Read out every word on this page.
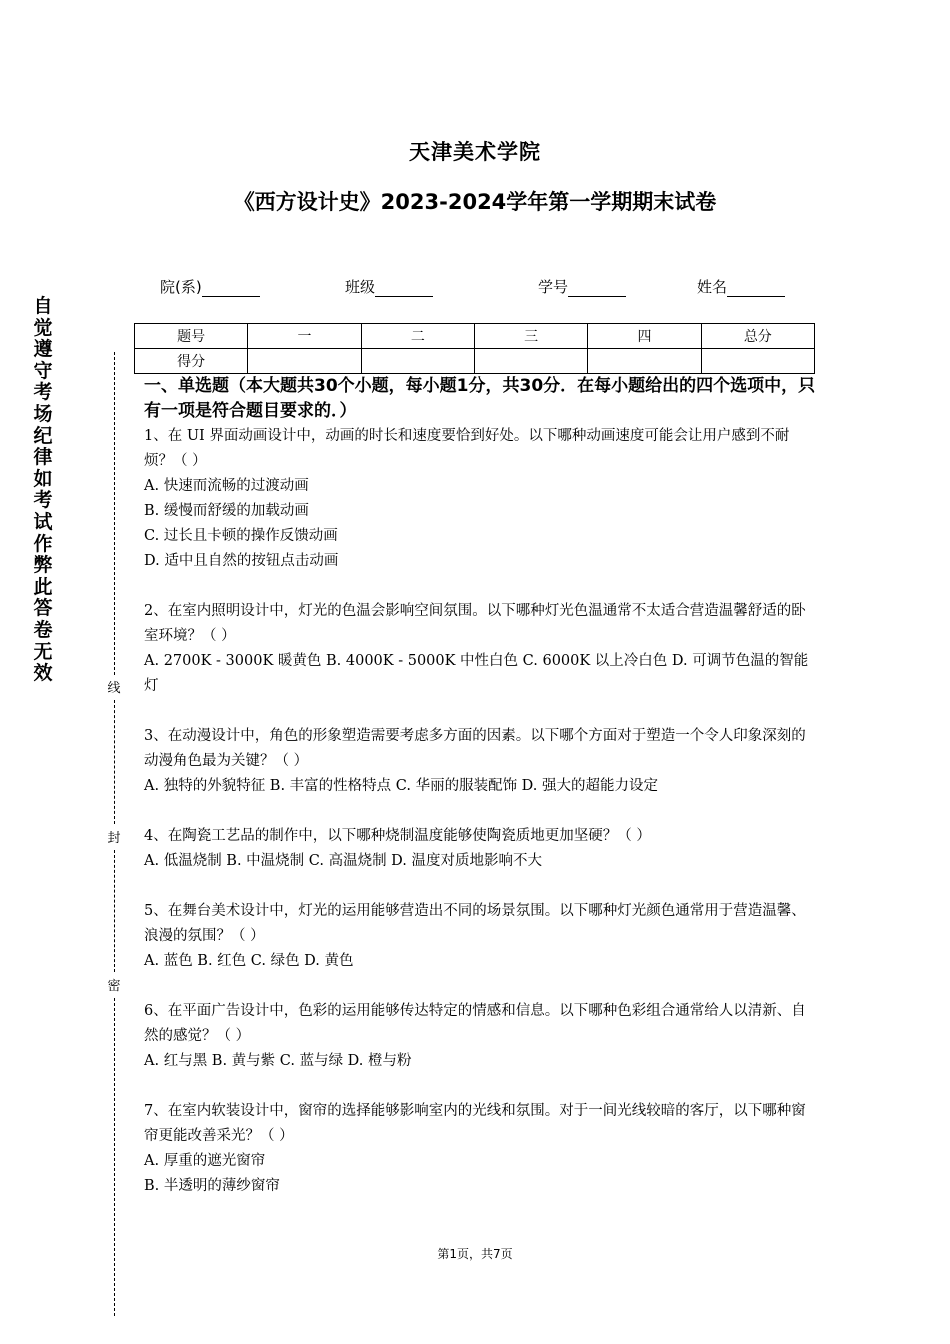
天津美术学院
《西方设计史》2023-2024学年第一学期期末试卷
院(系)	班级	学号	姓名
题号	一	二	三	四	总分
得分					
自觉遵守考场纪律如考试作弊此答卷无效
线
封
密

一、单选题（本大题共30个小题，每小题1分，共30分．在每小题给出的四个选项中，只有一项是符合题目要求的．）

1、在 UI 界面动画设计中，动画的时长和速度要恰到好处。以下哪种动画速度可能会让用户感到不耐烦？（ ）

A. 快速而流畅的过渡动画

B. 缓慢而舒缓的加载动画

C. 过长且卡顿的操作反馈动画

D. 适中且自然的按钮点击动画

2、在室内照明设计中，灯光的色温会影响空间氛围。以下哪种灯光色温通常不太适合营造温馨舒适的卧室环境？（ ）

A. 2700K - 3000K 暖黄色 B. 4000K - 5000K 中性白色 C. 6000K 以上冷白色 D. 可调节色温的智能灯

3、在动漫设计中，角色的形象塑造需要考虑多方面的因素。以下哪个方面对于塑造一个令人印象深刻的动漫角色最为关键？（ ）

A. 独特的外貌特征 B. 丰富的性格特点 C. 华丽的服装配饰 D. 强大的超能力设定

4、在陶瓷工艺品的制作中，以下哪种烧制温度能够使陶瓷质地更加坚硬？（ ）

A. 低温烧制 B. 中温烧制 C. 高温烧制 D. 温度对质地影响不大

5、在舞台美术设计中，灯光的运用能够营造出不同的场景氛围。以下哪种灯光颜色通常用于营造温馨、浪漫的氛围？（ ）

A. 蓝色 B. 红色 C. 绿色 D. 黄色

6、在平面广告设计中，色彩的运用能够传达特定的情感和信息。以下哪种色彩组合通常给人以清新、自然的感觉？（ ）

A. 红与黑 B. 黄与紫 C. 蓝与绿 D. 橙与粉

7、在室内软装设计中，窗帘的选择能够影响室内的光线和氛围。对于一间光线较暗的客厅，以下哪种窗帘更能改善采光？（ ）

A. 厚重的遮光窗帘

B. 半透明的薄纱窗帘

第1页，共7页
